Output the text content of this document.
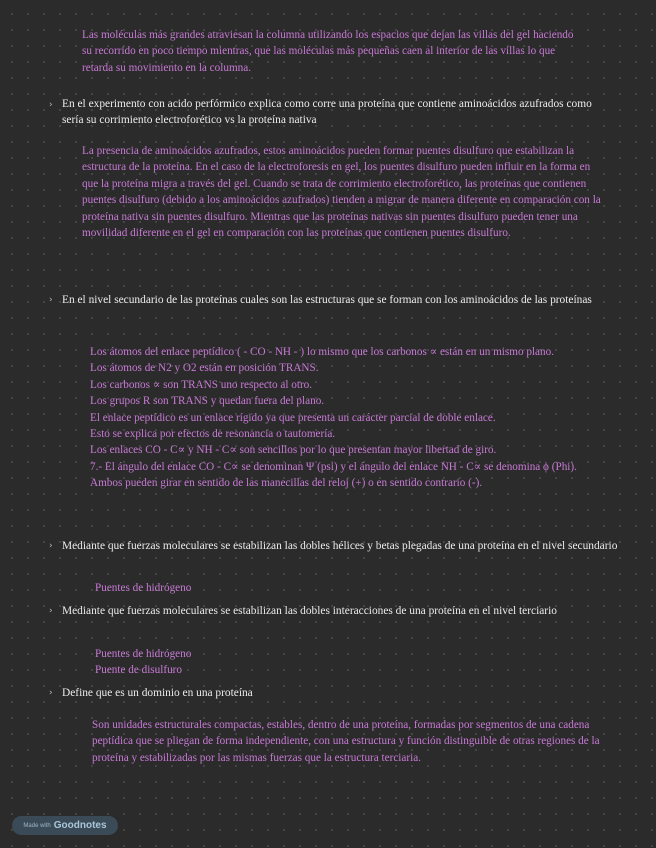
Las moléculas más grandes atraviesan la columna utilizando los espacios que dejan las villas del gel haciendo su recorrido en poco tiempo mientras, que las moléculas más pequeñas caen al interior de las villas lo que retarda su movimiento en la columna.

› En el experimento con acido perfórmico explica como corre una proteína que contiene aminoácidos azufrados como sería su corrimiento electroforético vs la proteína nativa

La presencia de aminoácidos azufrados, estos aminoácidos pueden formar puentes disulfuro que estabilizan la estructura de la proteína. En el caso de la electroforesis en gel, los puentes disulfuro pueden influir en la forma en que la proteína migra a través del gel. Cuando se trata de corrimiento electroforético, las proteínas que contienen puentes disulfuro (debido a los aminoácidos azufrados) tienden a migrar de manera diferente en comparación con la proteína nativa sin puentes disulfuro. Mientras que las proteínas nativas sin puentes disulfuro pueden tener una movilidad diferente en el gel en comparación con las proteínas que contienen puentes disulfuro.

› En el nivel secundario de las proteínas cuales son las estructuras que se forman con los aminoácidos de las proteínas

Los átomos del enlace peptídico ( - CO - NH - ) lo mismo que los carbonos ∝ están en un mismo plano.

Los átomos de N2 y O2 están en posición TRANS.

Los carbonos ∝ son TRANS uno respecto al otro.

Los grupos R son TRANS y quedan fuera del plano.

El enlace peptídico es un enlace rígido ya que presenta un carácter parcial de doble enlace.

Esto se explica por efectos de resonancia o tautomería.

Los enlaces CO - C∝ y NH - C∝ son sencillos por lo que presentan mayor libertad de giro.

7.- El ángulo del enlace CO - C∝ se denominan Ψ (psi) y el ángulo del enlace NH - C∝ se denomina ϕ (Phi). Ambos pueden girar en sentido de las manecillas del reloj (+) o en sentido contrario (-).

› Mediante que fuerzas moleculares se estabilizan las dobles hélices y betas plegadas de una proteína en el nivel secundario

Puentes de hidrógeno

› Mediante que fuerzas moleculares se estabilizan las dobles interacciones de una proteína en el nivel terciario

Puentes de hidrógeno

Puente de disulfuro

› Define que es un dominio en una proteína

Son unidades estructurales compactas, estables, dentro de una proteína, formadas por segmentos de una cadena peptídica que se pliegan de forma independiente, con una estructura y función distinguible de otras regiones de la proteína y estabilizadas por las mismas fuerzas que la estructura terciaria.

Made with Goodnotes
